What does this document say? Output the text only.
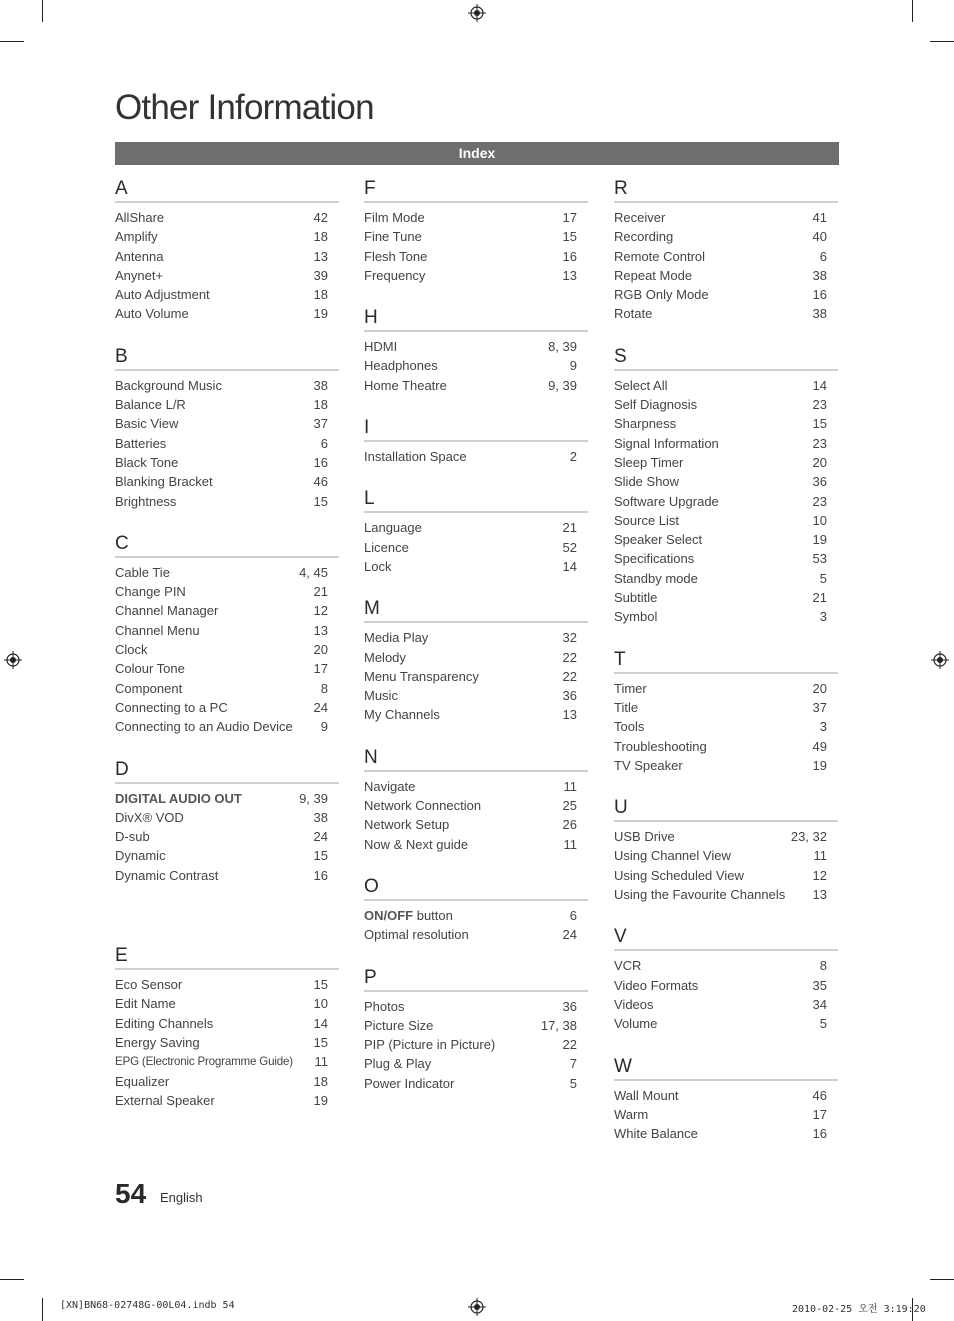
Other Information
Index
A
AllShare	42
Amplify	18
Antenna	13
Anynet+	39
Auto Adjustment	18
Auto Volume	19
B
Background Music	38
Balance L/R	18
Basic View	37
Batteries	6
Black Tone	16
Blanking Bracket	46
Brightness	15
C
Cable Tie	4, 45
Change PIN	21
Channel Manager	12
Channel Menu	13
Clock	20
Colour Tone	17
Component	8
Connecting to a PC	24
Connecting to an Audio Device 9
D
DIGITAL AUDIO OUT	9, 39
DivX® VOD	38
D-sub	24
Dynamic	15
Dynamic Contrast	16
E
Eco Sensor	15
Edit Name	10
Editing Channels	14
Energy Saving	15
EPG (Electronic Programme Guide) 11
Equalizer	18
External Speaker	19
F
Film Mode	17
Fine Tune	15
Flesh Tone	16
Frequency	13
H
HDMI	8, 39
Headphones	9
Home Theatre	9, 39
I
Installation Space	2
L
Language	21
Licence	52
Lock	14
M
Media Play	32
Melody	22
Menu Transparency	22
Music	36
My Channels	13
N
Navigate	11
Network Connection	25
Network Setup	26
Now & Next guide	11
O
ON/OFF button	6
Optimal resolution	24
P
Photos	36
Picture Size	17, 38
PIP (Picture in Picture)	22
Plug & Play	7
Power Indicator	5
R
Receiver	41
Recording	40
Remote Control	6
Repeat Mode	38
RGB Only Mode	16
Rotate	38
S
Select All	14
Self Diagnosis	23
Sharpness	15
Signal Information	23
Sleep Timer	20
Slide Show	36
Software Upgrade	23
Source List	10
Speaker Select	19
Specifications	53
Standby mode	5
Subtitle	21
Symbol	3
T
Timer	20
Title	37
Tools	3
Troubleshooting	49
TV Speaker	19
U
USB Drive	23, 32
Using Channel View	11
Using Scheduled View	12
Using the Favourite Channels 13
V
VCR	8
Video Formats	35
Videos	34
Volume	5
W
Wall Mount	46
Warm	17
White Balance	16
54 English
[XN]BN68-02748G-00L04.indb 54	2010-02-25 오전 3:19:20
